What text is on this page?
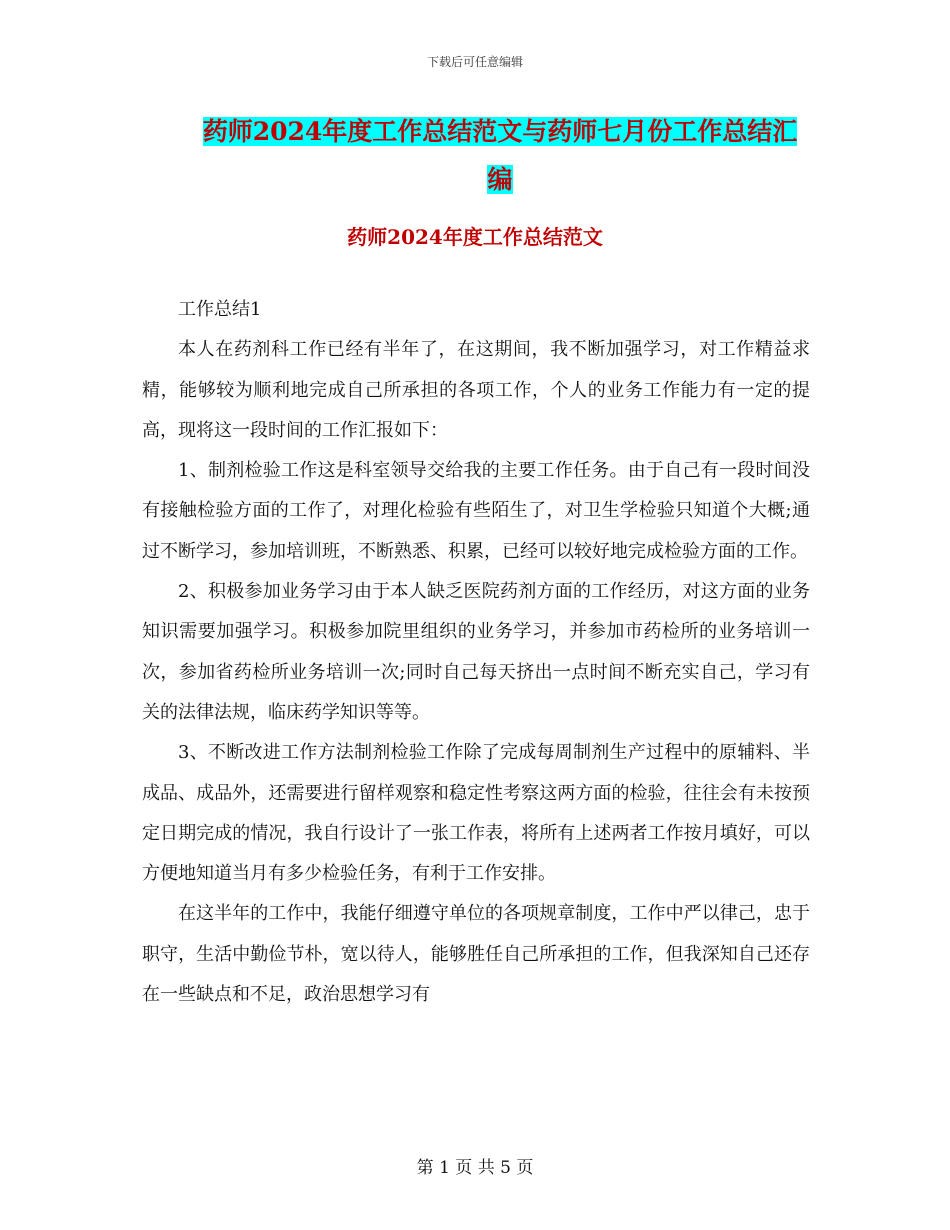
下载后可任意编辑
药师2024年度工作总结范文与药师七月份工作总结汇
编
药师2024年度工作总结范文

工作总结1

本人在药剂科工作已经有半年了，在这期间，我不断加强学习，对工作精益求精，能够较为顺利地完成自己所承担的各项工作，个人的业务工作能力有一定的提高，现将这一段时间的工作汇报如下：

1、制剂检验工作这是科室领导交给我的主要工作任务。由于自己有一段时间没有接触检验方面的工作了，对理化检验有些陌生了，对卫生学检验只知道个大概;通过不断学习，参加培训班，不断熟悉、积累，已经可以较好地完成检验方面的工作。

2、积极参加业务学习由于本人缺乏医院药剂方面的工作经历，对这方面的业务知识需要加强学习。积极参加院里组织的业务学习，并参加市药检所的业务培训一次，参加省药检所业务培训一次;同时自己每天挤出一点时间不断充实自己，学习有关的法律法规，临床药学知识等等。

3、不断改进工作方法制剂检验工作除了完成每周制剂生产过程中的原辅料、半成品、成品外，还需要进行留样观察和稳定性考察这两方面的检验，往往会有未按预定日期完成的情况，我自行设计了一张工作表，将所有上述两者工作按月填好，可以方便地知道当月有多少检验任务，有利于工作安排。

在这半年的工作中，我能仔细遵守单位的各项规章制度，工作中严以律己，忠于职守，生活中勤俭节朴，宽以待人，能够胜任自己所承担的工作，但我深知自己还存在一些缺点和不足，政治思想学习有

第 1 页 共 5 页
